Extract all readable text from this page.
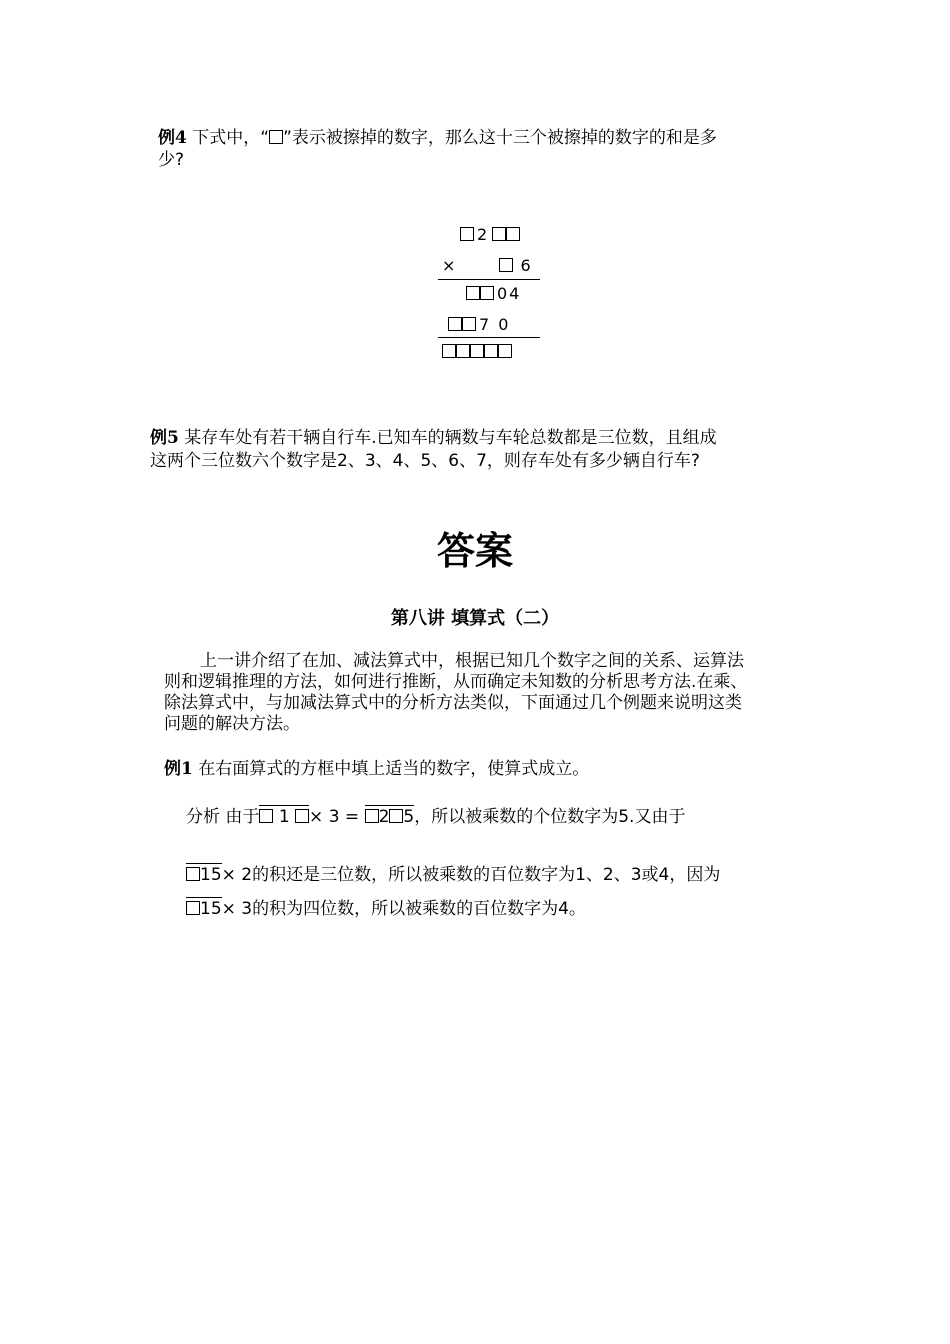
例4 下式中，“ ”表示被擦掉的数字，那么这十三个被擦掉的数字的和是多
少?
2
×	6
04
7 0
例5 某存车处有若干辆自行车.已知车的辆数与车轮总数都是三位数，且组成
这两个三位数六个数字是2、3、4、5、6、7，则存车处有多少辆自行车?
答案
第八讲 填算式（二）
上一讲介绍了在加、减法算式中，根据已知几个数字之间的关系、运算法
则和逻辑推理的方法，如何进行推断，从而确定未知数的分析思考方法.在乘、
除法算式中，与加减法算式中的分析方法类似，下面通过几个例题来说明这类
问题的解决方法。
例1 在右面算式的方框中填上适当的数字，使算式成立。
分析 由于 1 × 3 = 2 5，所以被乘数的个位数字为5.又由于
15× 2的积还是三位数，所以被乘数的百位数字为1、2、3或4，因为
15× 3的积为四位数，所以被乘数的百位数字为4。
